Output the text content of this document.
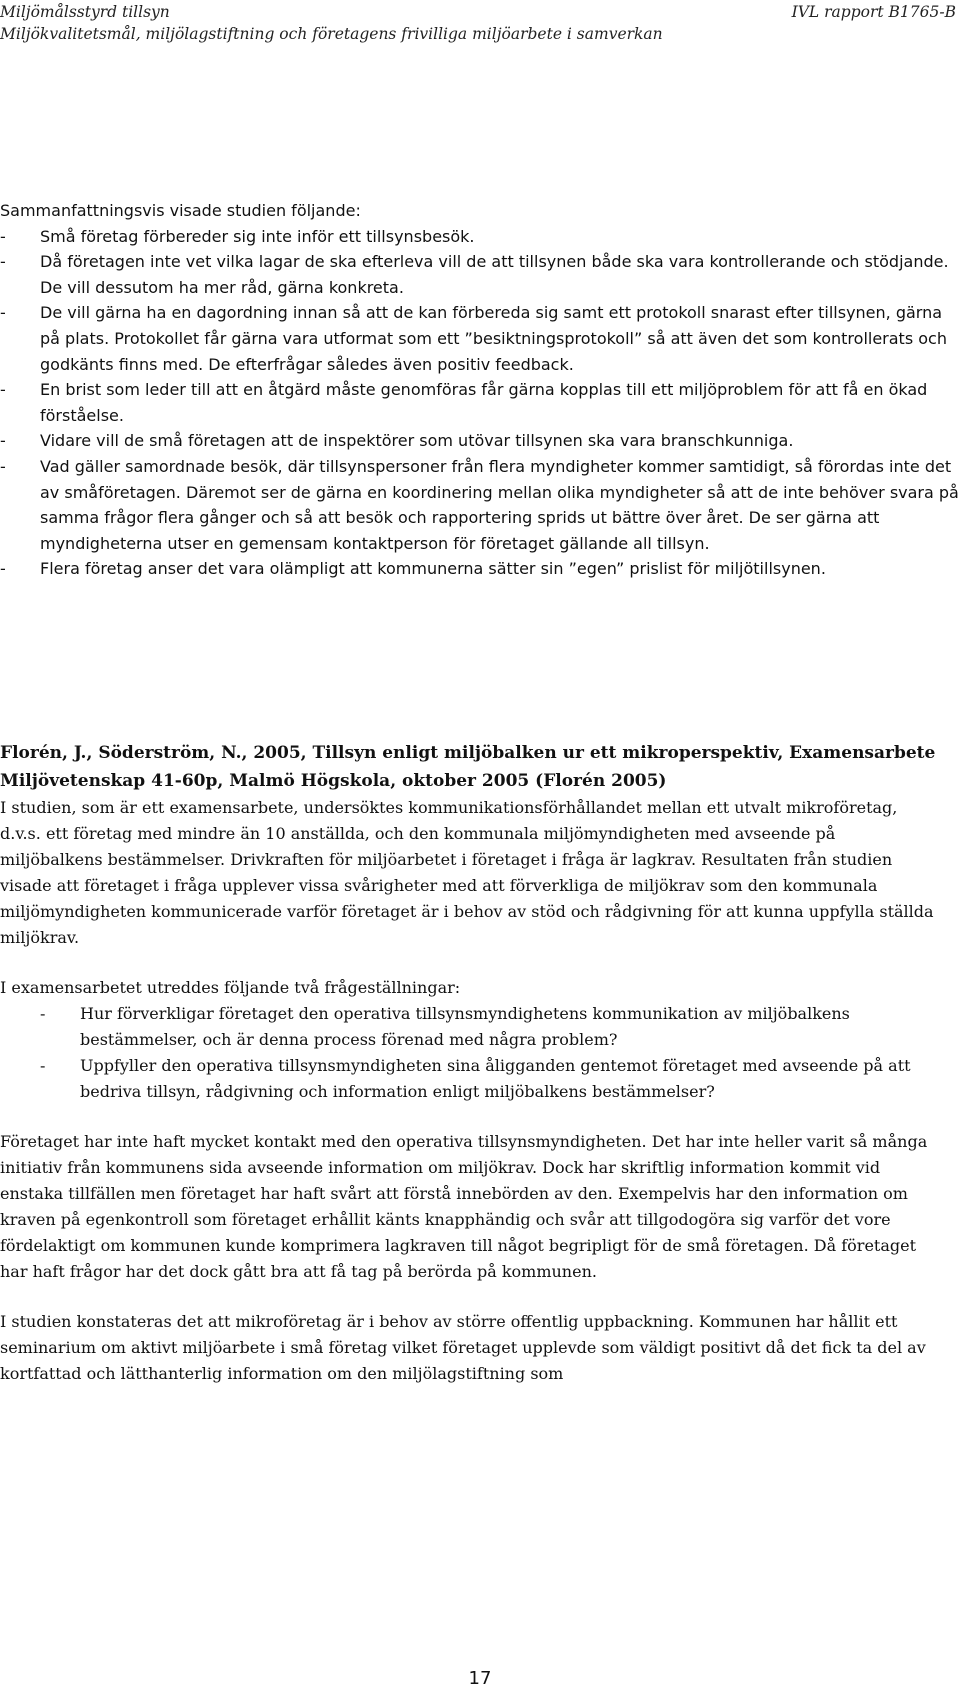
Miljömålsstyrd tillsyn
Miljökvalitetsmål, miljölagstiftning och företagens frivilliga miljöarbete i samverkan
IVL rapport B1765-B

Sammanfattningsvis visade studien följande:

- Små företag förbereder sig inte inför ett tillsynsbesök.

- Då företagen inte vet vilka lagar de ska efterleva vill de att tillsynen både ska vara kontrollerande och stödjande. De vill dessutom ha mer råd, gärna konkreta.

- De vill gärna ha en dagordning innan så att de kan förbereda sig samt ett protokoll snarast efter tillsynen, gärna på plats. Protokollet får gärna vara utformat som ett ”besiktningsprotokoll” så att även det som kontrollerats och godkänts finns med. De efterfrågar således även positiv feedback.

- En brist som leder till att en åtgärd måste genomföras får gärna kopplas till ett miljöproblem för att få en ökad förståelse.

- Vidare vill de små företagen att de inspektörer som utövar tillsynen ska vara branschkunniga.

- Vad gäller samordnade besök, där tillsynspersoner från flera myndigheter kommer samtidigt, så förordas inte det av småföretagen. Däremot ser de gärna en koordinering mellan olika myndigheter så att de inte behöver svara på samma frågor flera gånger och så att besök och rapportering sprids ut bättre över året. De ser gärna att myndigheterna utser en gemensam kontaktperson för företaget gällande all tillsyn.

- Flera företag anser det vara olämpligt att kommunerna sätter sin ”egen” prislist för miljötillsynen.

Florén, J., Söderström, N., 2005, Tillsyn enligt miljöbalken ur ett mikroperspektiv, Examensarbete Miljövetenskap 41-60p, Malmö Högskola, oktober 2005 (Florén 2005)

I studien, som är ett examensarbete, undersöktes kommunikationsförhållandet mellan ett utvalt mikroföretag, d.v.s. ett företag med mindre än 10 anställda, och den kommunala miljömyndigheten med avseende på miljöbalkens bestämmelser. Drivkraften för miljöarbetet i företaget i fråga är lagkrav. Resultaten från studien visade att företaget i fråga upplever vissa svårigheter med att förverkliga de miljökrav som den kommunala miljömyndigheten kommunicerade varför företaget är i behov av stöd och rådgivning för att kunna uppfylla ställda miljökrav.

I examensarbetet utreddes följande två frågeställningar:

- Hur förverkligar företaget den operativa tillsynsmyndighetens kommunikation av miljöbalkens bestämmelser, och är denna process förenad med några problem?

- Uppfyller den operativa tillsynsmyndigheten sina åligganden gentemot företaget med avseende på att bedriva tillsyn, rådgivning och information enligt miljöbalkens bestämmelser?

Företaget har inte haft mycket kontakt med den operativa tillsynsmyndigheten. Det har inte heller varit så många initiativ från kommunens sida avseende information om miljökrav. Dock har skriftlig information kommit vid enstaka tillfällen men företaget har haft svårt att förstå innebörden av den. Exempelvis har den information om kraven på egenkontroll som företaget erhållit känts knapphändig och svår att tillgodogöra sig varför det vore fördelaktigt om kommunen kunde komprimera lagkraven till något begripligt för de små företagen. Då företaget har haft frågor har det dock gått bra att få tag på berörda på kommunen.

I studien konstateras det att mikroföretag är i behov av större offentlig uppbackning. Kommunen har hållit ett seminarium om aktivt miljöarbete i små företag vilket företaget upplevde som väldigt positivt då det fick ta del av kortfattad och lätthanterlig information om den miljölagstiftning som

17
